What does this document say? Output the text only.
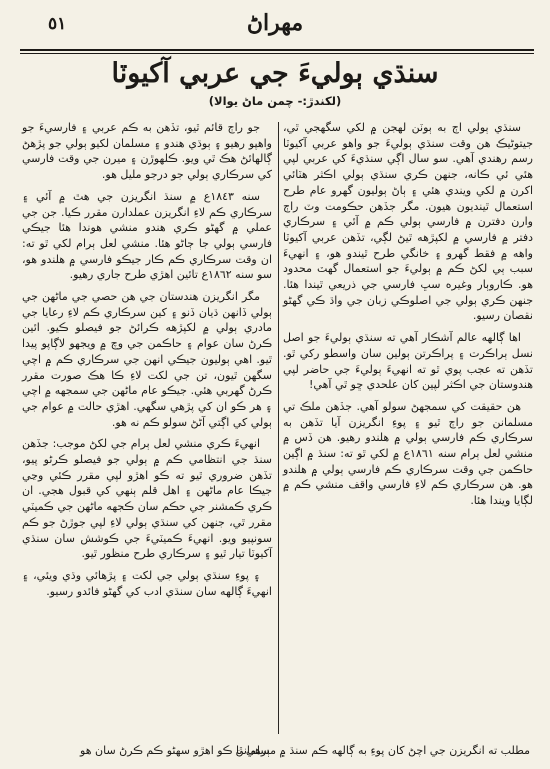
٥١	مهراڻ
سنڌي ٻوليءَ جي عربي آکيوٽا
(لکندڙ:- چمن ماڻ يوالا)

سنڌي ٻولي اڄ به ٻوٽن لهجن ۾ لکي سگهجي ٿي، جيتوڻيڪ هن وقت سنڌي ٻوليءَ جو واهو عربي آکيوٽا رسم رهندي آهي. سو سال اڳي سنڌيءَ کي عربي لپي هئي ئي ڪانه، جنهن ڪري سنڌي ٻولي اڪثر هٽائي اکرن ۾ لکي ويندي هئي ۽ ٻاڻ ٻوليون گهرو عام طرح استعمال ٿينديون هيون. مگر جڏهن حڪومت وٽ راڄ وارن دفترن ۾ فارسي ٻولي ڪم ۾ آئي ۽ سرڪاري دفتر ۾ فارسي ۾ لکپڙهه ٿيڻ لڳي، تڏهن عربي آکيوٽا واهه ۾ فقط گهرو ۽ خانگي طرح ٿيندو هو، ۽ انهيءَ سبب ٻي لکڻ ڪم ۾ ٻوليءَ جو استعمال گهٽ محدود هو. ڪاروٻار وغيره سڀ فارسي جي ذريعي ٿيندا هئا. جنهن ڪري ٻولي جي اصلوڪي زبان جي واڌ ڪي گهڻو نقصان رسيو.

اها ڳالهه عالم آشڪار آهي ته سنڌي ٻوليءَ جو اصل نسل ٻراڪرت ۽ پراڪرتن ٻولين سان واسطو رکي ٿو. تڏهن ته عجب پوي ٿو ته انهيءَ ٻوليءَ جي حاضر لپي هندوستان جي اڪثر لپين کان علحدي ڇو ٿي آهي!

هن حقيقت کي سمجهڻ سولو آهي. جڏهن ملڪ تي مسلمانن جو راڄ ٿيو ۽ پوءِ انگريزن آيا تڏهن به سرڪاري ڪم فارسي ٻولي ۾ هلندو رهيو. هن ڏس ۾ منشي لعل ٻرام سنه ١٨٦١ع ۾ لکي ٿو ته: سنڌ ۾ اڳين حاڪمن جي وقت سرڪاري ڪم فارسي ٻولي ۾ هلندو هو. هن سرڪاري ڪم لاءِ فارسي واقف منشي ڪم ۾ لڳايا ويندا هئا.

جو راڄ قائم ٿيو، تڏهن به ڪم عربي ۽ فارسيءَ جو واهپو رهيو ۽ ٻوڌي هندو ۽ مسلمان لکيو ٻولي جو پڙهڻ ڳالهائڻ هڪ ٿي ويو. ڪلهوڙن ۽ ميرن جي وقت فارسي کي سرڪاري ٻولي جو درجو مليل هو.

سنه ١٨٤٣ع ۾ سنڌ انگريزن جي هٿ ۾ آئي ۽ سرڪاري ڪم لاءِ انگريزن عملدارن مقرر ڪيا. جن جي عملي ۾ گهڻو ڪري هندو منشي هوندا هئا جيڪي فارسي ٻولي جا ڄاڻو هئا. منشي لعل ٻرام لکي ٿو ته: ان وقت سرڪاري ڪم ڪار جيڪو فارسي ۾ هلندو هو، سو سنه ١٨٦٢ع تائين اهڙي طرح جاري رهيو.

مگر انگريزن هندستان جي هن حصي جي ماڻهن جي ٻولي ڏانهن ڌيان ڏنو ۽ کين سرڪاري ڪم لاءِ رعايا جي مادري ٻولي ۾ لکپڙهه ڪرائڻ جو فيصلو ڪيو. ائين ڪرڻ سان عوام ۽ حاڪمن جي وچ ۾ ويجهو لاڳاپو پيدا ٿيو. اهي ٻوليون جيڪي انهن جي سرڪاري ڪم ۾ اچي سگهن ٿيون، تن جي لکت لاءِ ڪا هڪ صورت مقرر ڪرڻ گهربي هئي. جيڪو عام ماڻهن جي سمجهه ۾ اچي ۽ هر ڪو ان کي پڙهي سگهي. اهڙي حالت ۾ عوام جي ٻولي کي اڳتي آڻڻ سولو ڪم نه هو.

انهيءَ ڪري منشي لعل ٻرام جي لکڻ موجب: جڏهن سنڌ جي انتظامي ڪم ۾ ٻولي جو فيصلو ڪرڻو پيو، تڏهن ضروري ٿيو ته ڪو اهڙو لپي مقرر ڪئي وڃي جيڪا عام ماڻهن ۽ اهل قلم ٻنهي کي قبول هجي. ان ڪري ڪمشنر جي حڪم سان ڪجهه ماڻهن جي ڪميٽي مقرر ٿي، جنهن کي سنڌي ٻولي لاءِ لپي جوڙڻ جو ڪم سونپيو ويو. انهيءَ ڪميٽيءَ جي ڪوشش سان سنڌي آکيوٽا تيار ٿيو ۽ سرڪاري طرح منظور ٿيو.

۽ پوءِ سنڌي ٻولي جي لکت ۽ پڙهائي وڌي ويئي، ۽ انهيءَ ڳالهه سان سنڌي ادب کي گهڻو فائدو رسيو.

مطلب ته انگريزن جي اچڻ کان پوءِ به ڳالهه ڪم سنڌ ۾ مسلمانن
ٻرهي ٿا ڪو اهڙو سهڻو ڪم ڪرڻ سان هو
